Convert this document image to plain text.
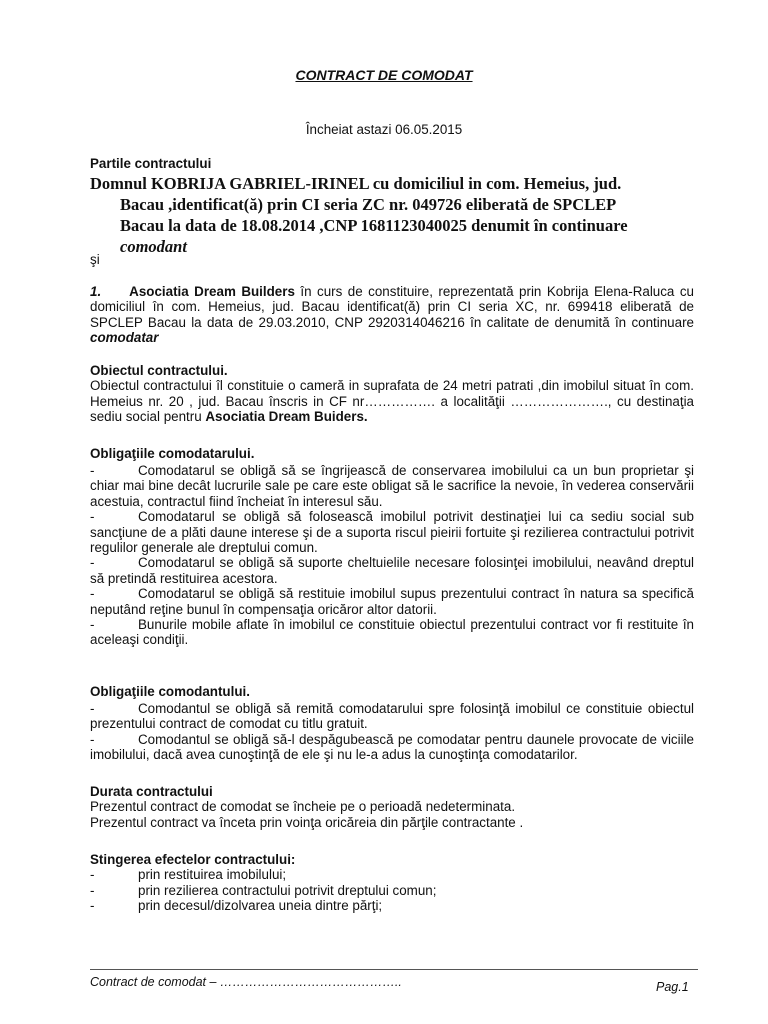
CONTRACT DE COMODAT
Încheiat astazi 06.05.2015
Partile contractului
Domnul KOBRIJA GABRIEL-IRINEL cu domiciliul in com. Hemeius, jud.
Bacau ,identificat(ă) prin CI seria ZC nr. 049726 eliberată de SPCLEP
Bacau la data de 18.08.2014 ,CNP 1681123040025 denumit în continuare
comodant
şi
1. Asociatia Dream Builders în curs de constituire, reprezentată prin Kobrija Elena-Raluca cu domiciliul în com. Hemeius, jud. Bacau identificat(ă) prin CI seria XC, nr. 699418 eliberată de SPCLEP Bacau la data de 29.03.2010, CNP 2920314046216 în calitate de denumită în continuare comodatar
Obiectul contractului.
Obiectul contractului îl constituie o cameră in suprafata de 24 metri patrati ,din imobilul situat în com. Hemeius nr. 20 , jud. Bacau înscris in CF nr……………. a localităţii …………………., cu destinaţia sediu social pentru Asociatia Dream Buiders.
Obligaţiile comodatarului.
-	Comodatarul se obligă să se îngrijească de conservarea imobilului ca un bun proprietar şi chiar mai bine decât lucrurile sale pe care este obligat să le sacrifice la nevoie, în vederea conservării acestuia, contractul fiind încheiat în interesul său.
-	Comodatarul se obligă să folosească imobilul potrivit destinaţiei lui ca sediu social sub sancţiune de a plăti daune interese şi de a suporta riscul pieirii fortuite şi rezilierea contractului potrivit regulilor generale ale dreptului comun.
-	Comodatarul se obligă să suporte cheltuielile necesare folosinţei imobilului, neavând dreptul să pretindă restituirea acestora.
-	Comodatarul se obligă să restituie imobilul supus prezentului contract în natura sa specifică neputând reţine bunul în compensaţia oricăror altor datorii.
-	Bunurile mobile aflate în imobilul ce constituie obiectul prezentului contract vor fi restituite în aceleaşi condiţii.
Obligaţiile comodantului.
-	Comodantul se obligă să remită comodatarului spre folosinţă imobilul ce constituie obiectul prezentului contract de comodat cu titlu gratuit.
-	Comodantul se obligă să-l despăgubească pe comodatar pentru daunele provocate de viciile imobilului, dacă avea cunoştinţă de ele şi nu le-a adus la cunoştinţa comodatarilor.
Durata contractului
Prezentul contract de comodat se încheie pe o perioadă nedeterminata.
Prezentul contract va înceta prin voinţa oricăreia din părţile contractante .
Stingerea efectelor contractului:
-	prin restituirea imobilului;
-	prin rezilierea contractului potrivit dreptului comun;
-	prin decesul/dizolvarea uneia dintre părţi;
Contract de comodat – ……………………………………..	Pag.1
